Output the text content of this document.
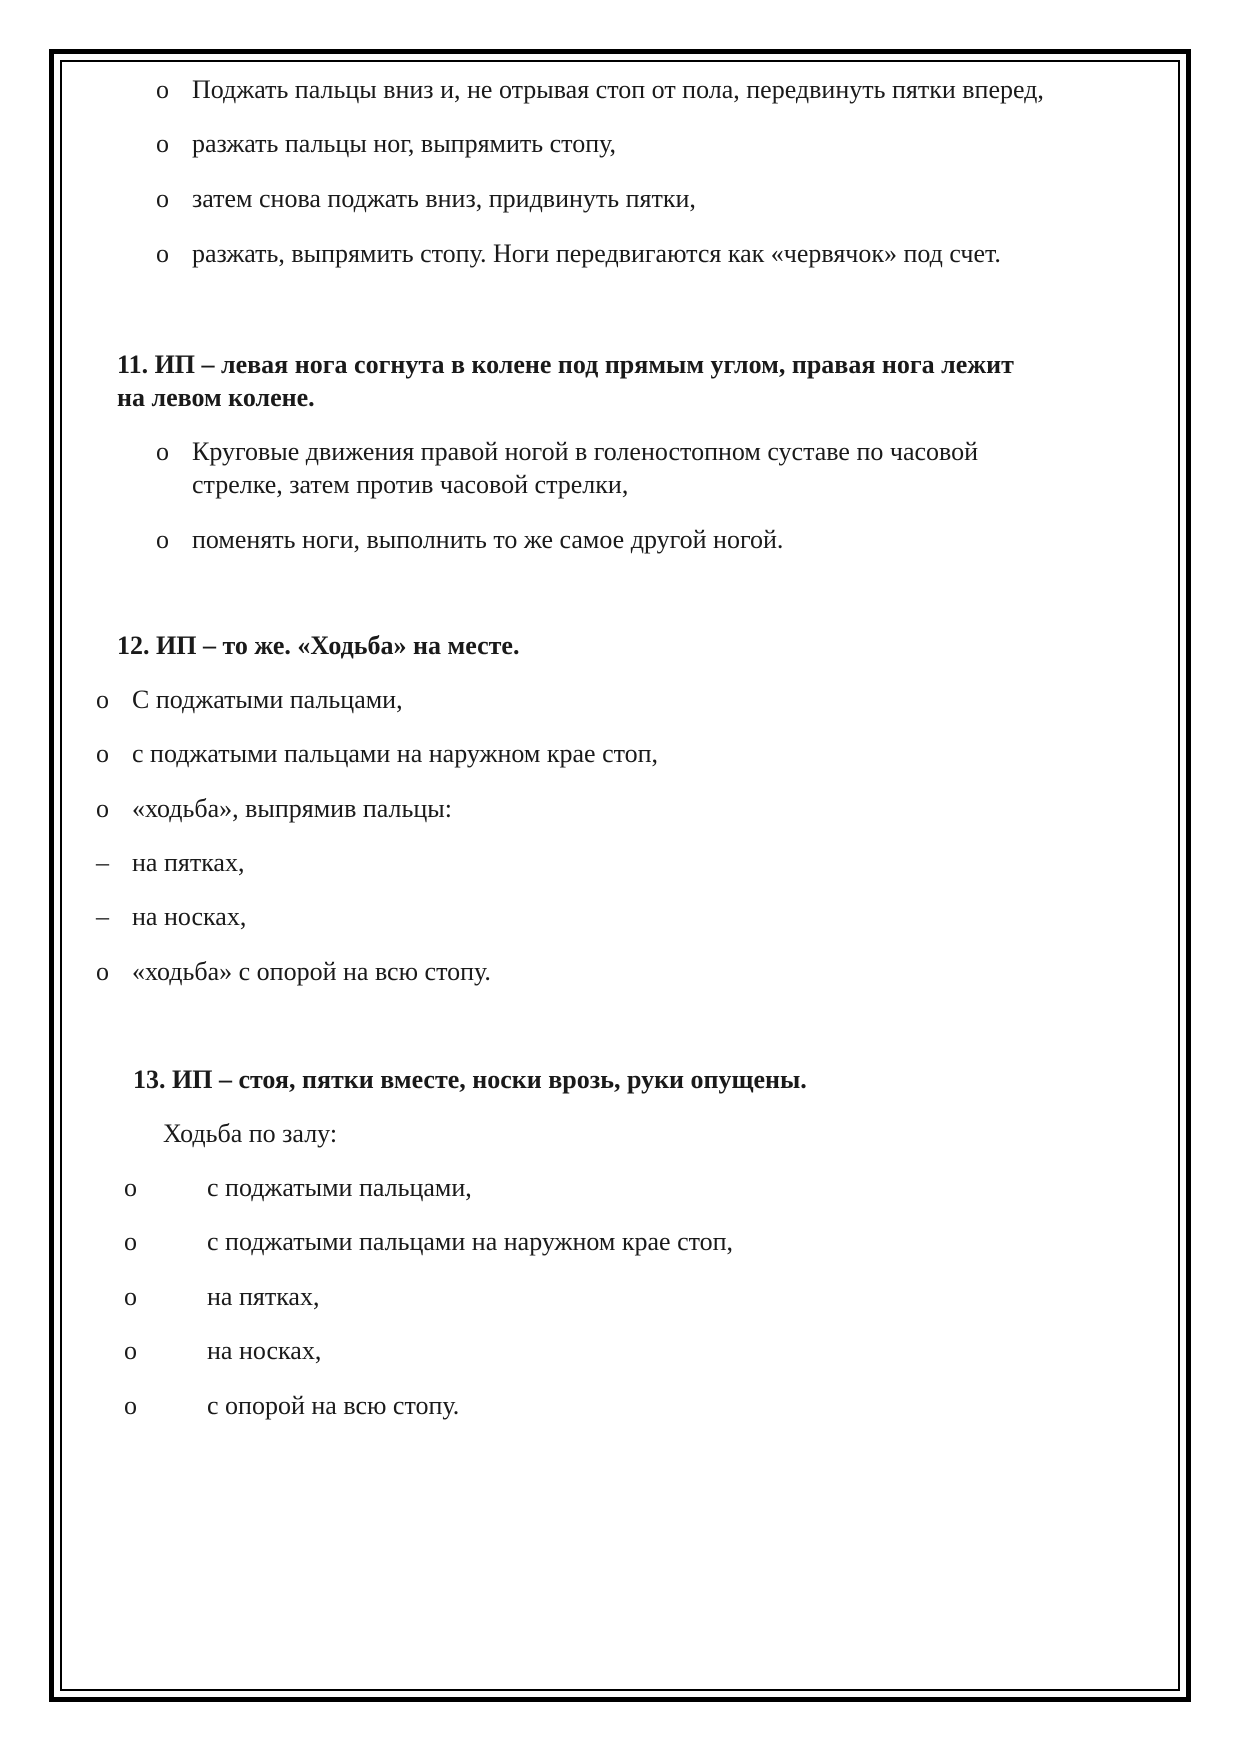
o Поджать пальцы вниз и, не отрывая стоп от пола, передвинуть пятки вперед,
o разжать пальцы ног, выпрямить стопу,
o затем снова поджать вниз, придвинуть пятки,
o разжать, выпрямить стопу. Ноги передвигаются как «червячок» под счет.
11. ИП – левая нога согнута в колене под прямым углом, правая нога лежит
на левом колене.
o Круговые движения правой ногой в голеностопном суставе по часовой
стрелке, затем против часовой стрелки,
o поменять ноги, выполнить то же самое другой ногой.
12. ИП – то же. «Ходьба» на месте.
o С поджатыми пальцами,
o с поджатыми пальцами на наружном крае стоп,
o «ходьба», выпрямив пальцы:
– на пятках,
– на носках,
o «ходьба» с опорой на всю стопу.
13. ИП – стоя, пятки вместе, носки врозь, руки опущены.
Ходьба по залу:
o	с поджатыми пальцами,
o	с поджатыми пальцами на наружном крае стоп,
o	на пятках,
o	на носках,
o	с опорой на всю стопу.
